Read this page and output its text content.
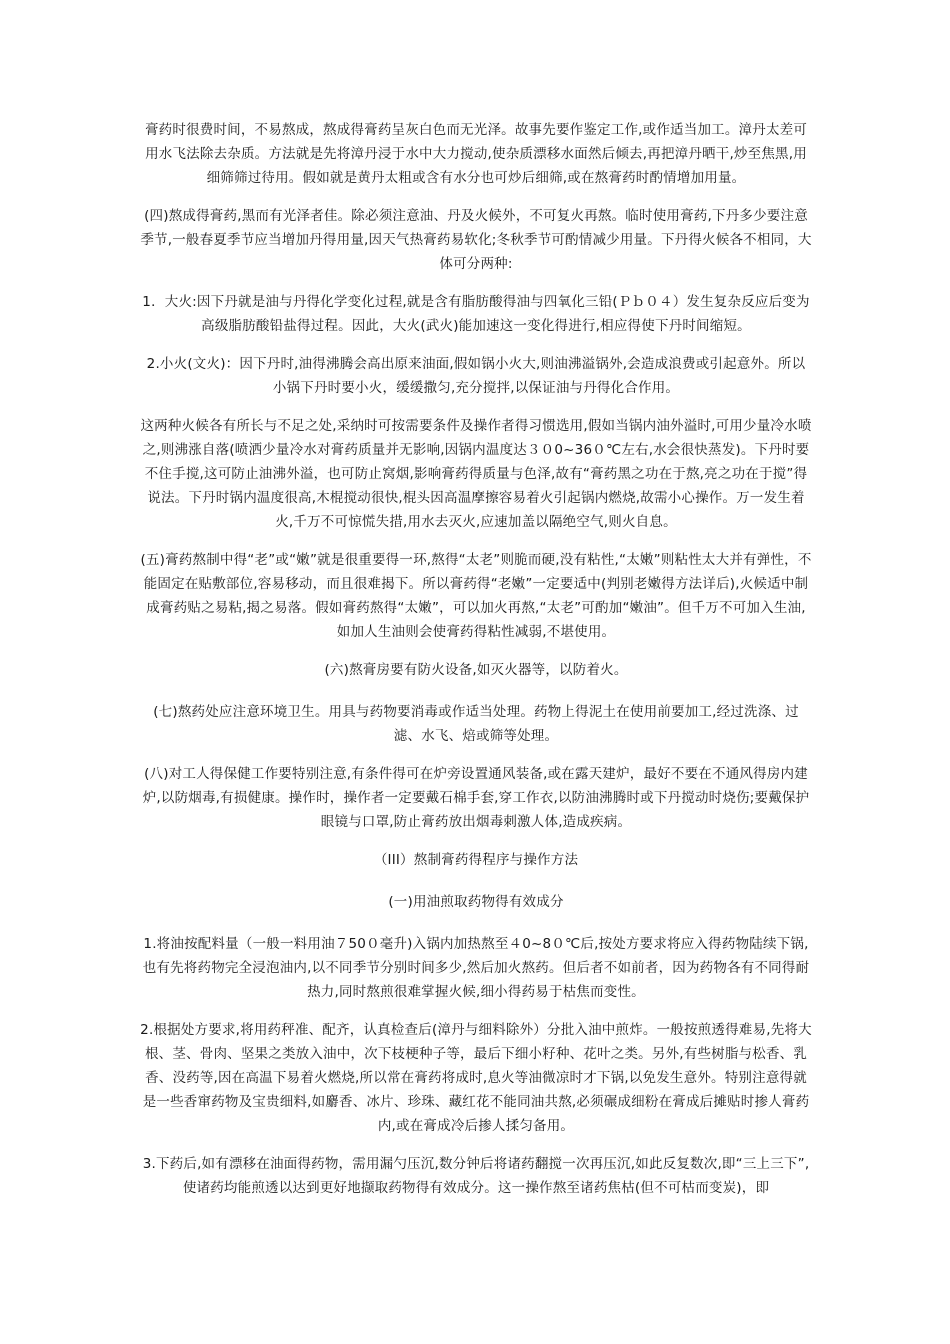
膏药时很费时间，不易熬成，熬成得膏药呈灰白色而无光泽。故事先要作鉴定工作,或作适当加工。漳丹太差可用水飞法除去杂质。方法就是先将漳丹浸于水中大力搅动,使杂质漂移水面然后倾去,再把漳丹晒干,炒至焦黑,用细筛筛过待用。假如就是黄丹太粗或含有水分也可炒后细筛,或在熬膏药时酌情增加用量。

(四)熬成得膏药,黑而有光泽者佳。除必须注意油、丹及火候外，不可复火再熬。临时使用膏药,下丹多少要注意季节,一般春夏季节应当增加丹得用量,因天气热膏药易软化;冬秋季节可酌情减少用量。下丹得火候各不相同，大体可分两种:

1．大火:因下丹就是油与丹得化学变化过程,就是含有脂肪酸得油与四氧化三铅(Ｐｂ０４）发生复杂反应后变为高级脂肪酸铅盐得过程。因此，大火(武火)能加速这一变化得进行,相应得使下丹时间缩短。

2.小火(文火)：因下丹时,油得沸腾会高出原来油面,假如锅小火大,则油沸溢锅外,会造成浪费或引起意外。所以小锅下丹时要小火，缓缓撒匀,充分搅拌,以保证油与丹得化合作用。

这两种火候各有所长与不足之处,采纳时可按需要条件及操作者得习惯选用,假如当锅内油外溢时,可用少量冷水喷之,则沸涨自落(喷洒少量冷水对膏药质量并无影响,因锅内温度达３０0~36０℃左右,水会很快蒸发)。下丹时要不住手搅,这可防止油沸外溢，也可防止窝烟,影响膏药得质量与色泽,故有“膏药黑之功在于熬,亮之功在于搅”得说法。下丹时锅内温度很高,木棍搅动很快,棍头因高温摩擦容易着火引起锅内燃烧,故需小心操作。万一发生着火,千万不可惊慌失措,用水去灭火,应速加盖以隔绝空气,则火自息。

(五)膏药熬制中得“老”或“嫩”就是很重要得一环,熬得“太老”则脆而硬,没有粘性,“太嫩”则粘性太大并有弹性，不能固定在贴敷部位,容易移动，而且很难揭下。所以膏药得“老嫩”一定要适中(判别老嫩得方法详后),火候适中制成膏药贴之易粘,揭之易落。假如膏药熬得“太嫩”，可以加火再熬,“太老”可酌加“嫩油”。但千万不可加入生油,如加人生油则会使膏药得粘性减弱,不堪使用。

(六)熬膏房要有防火设备,如灭火器等，以防着火。

(七)熬药处应注意环境卫生。用具与药物要消毒或作适当处理。药物上得泥土在使用前要加工,经过洗涤、过滤、水飞、焙或筛等处理。

(八)对工人得保健工作要特别注意,有条件得可在炉旁设置通风装备,或在露天建炉，最好不要在不通风得房内建炉,以防烟毒,有损健康。操作时，操作者一定要戴石棉手套,穿工作衣,以防油沸腾时或下丹搅动时烧伤;要戴保护眼镜与口罩,防止膏药放出烟毒刺激人体,造成疾病。

（III）熬制膏药得程序与操作方法

(一)用油煎取药物得有效成分

1.将油按配料量（一般一料用油７50０毫升)入锅内加热熬至４0~8０℃后,按处方要求将应入得药物陆续下锅,也有先将药物完全浸泡油内,以不同季节分别时间多少,然后加火熬药。但后者不如前者，因为药物各有不同得耐热力,同时熬煎很难掌握火候,细小得药易于枯焦而变性。

2.根据处方要求,将用药秤准、配齐，认真检查后(漳丹与细料除外）分批入油中煎炸。一般按煎透得难易,先将大根、茎、骨肉、坚果之类放入油中，次下枝梗种子等，最后下细小籽种、花叶之类。另外,有些树脂与松香、乳香、没药等,因在高温下易着火燃烧,所以常在膏药将成时,息火等油微凉时才下锅,以免发生意外。特别注意得就是一些香窜药物及宝贵细料,如麝香、冰片、珍珠、藏红花不能同油共熬,必须碾成细粉在膏成后摊贴时掺人膏药内,或在膏成冷后掺人揉匀备用。

3.下药后,如有漂移在油面得药物，需用漏勺压沉,数分钟后将诸药翻搅一次再压沉,如此反复数次,即“三上三下”,使诸药均能煎透以达到更好地撷取药物得有效成分。这一操作熬至诸药焦枯(但不可枯而变炭)，即
